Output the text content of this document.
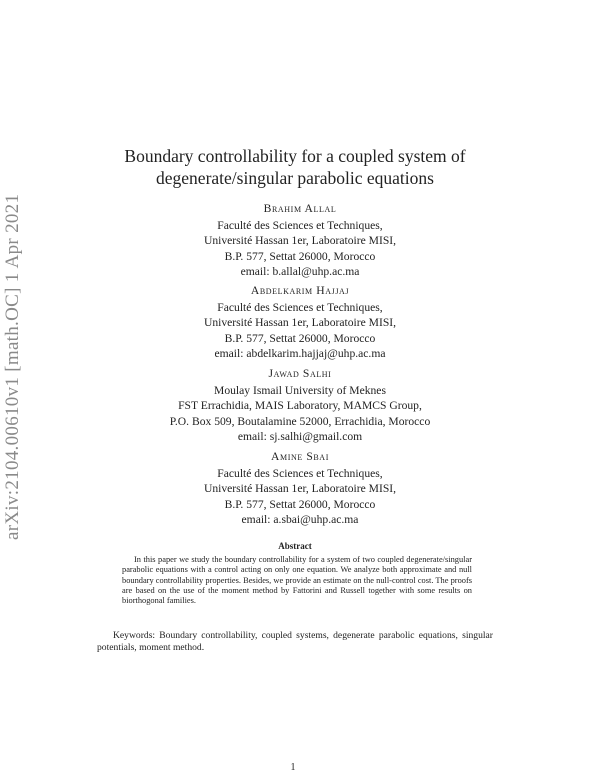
arXiv:2104.00610v1 [math.OC] 1 Apr 2021
Boundary controllability for a coupled system of
degenerate/singular parabolic equations
Brahim Allal
Faculté des Sciences et Techniques,
Université Hassan 1er, Laboratoire MISI,
B.P. 577, Settat 26000, Morocco
email: b.allal@uhp.ac.ma
Abdelkarim Hajjaj
Faculté des Sciences et Techniques,
Université Hassan 1er, Laboratoire MISI,
B.P. 577, Settat 26000, Morocco
email: abdelkarim.hajjaj@uhp.ac.ma
Jawad Salhi
Moulay Ismail University of Meknes
FST Errachidia, MAIS Laboratory, MAMCS Group,
P.O. Box 509, Boutalamine 52000, Errachidia, Morocco
email: sj.salhi@gmail.com
Amine Sbai
Faculté des Sciences et Techniques,
Université Hassan 1er, Laboratoire MISI,
B.P. 577, Settat 26000, Morocco
email: a.sbai@uhp.ac.ma
Abstract
In this paper we study the boundary controllability for a system of two coupled degenerate/singular parabolic equations with a control acting on only one equation. We analyze both approximate and null boundary controllability properties. Besides, we provide an estimate on the null-control cost. The proofs are based on the use of the moment method by Fattorini and Russell together with some results on biorthogonal families.
Keywords: Boundary controllability, coupled systems, degenerate parabolic equations, singular potentials, moment method.
1
